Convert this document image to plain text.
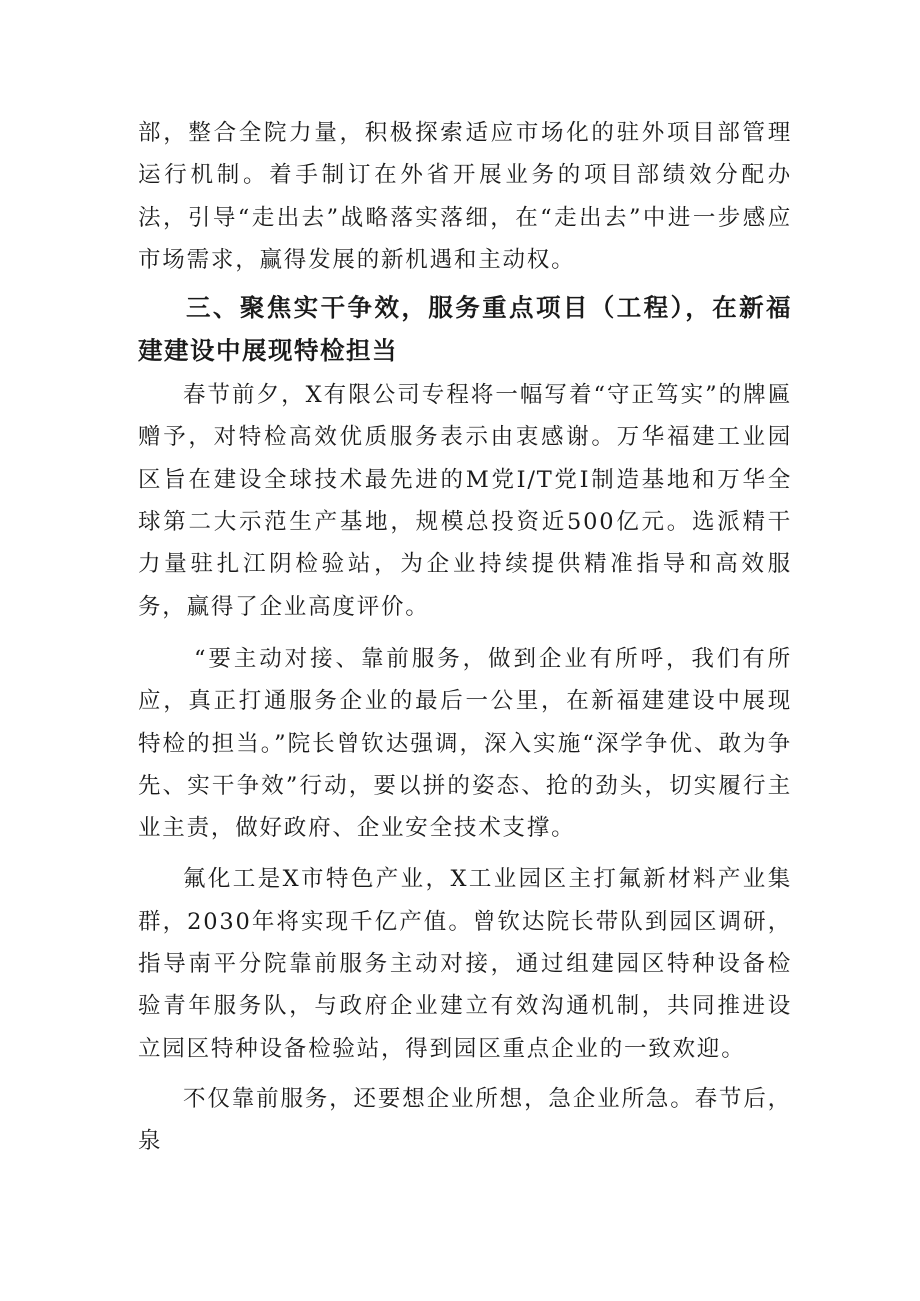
部，整合全院力量，积极探索适应市场化的驻外项目部管理运行机制。着手制订在外省开展业务的项目部绩效分配办法，引导“走出去”战略落实落细，在“走出去”中进一步感应市场需求，赢得发展的新机遇和主动权。

三、聚焦实干争效，服务重点项目（工程），在新福建建设中展现特检担当

春节前夕，X有限公司专程将一幅写着“守正笃实”的牌匾赠予，对特检高效优质服务表示由衷感谢。万华福建工业园区旨在建设全球技术最先进的M党I/T党I制造基地和万华全球第二大示范生产基地，规模总投资近500亿元。选派精干力量驻扎江阴检验站，为企业持续提供精准指导和高效服务，赢得了企业高度评价。

“要主动对接、靠前服务，做到企业有所呼，我们有所应，真正打通服务企业的最后一公里，在新福建建设中展现特检的担当。”院长曾钦达强调，深入实施“深学争优、敢为争先、实干争效”行动，要以拼的姿态、抢的劲头，切实履行主业主责，做好政府、企业安全技术支撑。

氟化工是X市特色产业，X工业园区主打氟新材料产业集群，2030年将实现千亿产值。曾钦达院长带队到园区调研，指导南平分院靠前服务主动对接，通过组建园区特种设备检验青年服务队，与政府企业建立有效沟通机制，共同推进设立园区特种设备检验站，得到园区重点企业的一致欢迎。

不仅靠前服务，还要想企业所想，急企业所急。春节后，泉
